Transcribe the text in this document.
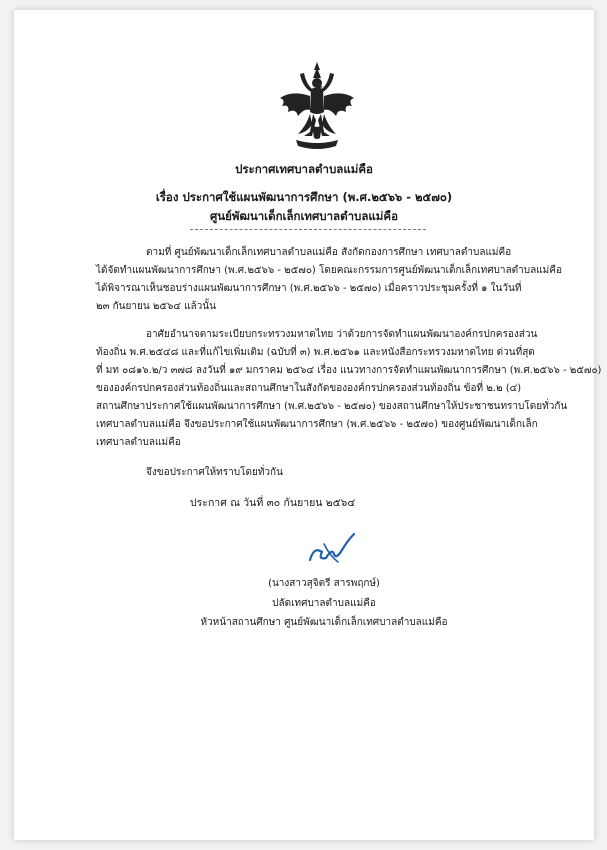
ประกาศเทศบาลตำบลแม่คือ
เรื่อง ประกาศใช้แผนพัฒนาการศึกษา (พ.ศ.๒๕๖๖ - ๒๕๗๐)
ศูนย์พัฒนาเด็กเล็กเทศบาลตำบลแม่คือ
ตามที่ ศูนย์พัฒนาเด็กเล็กเทศบาลตำบลแม่คือ สังกัดกองการศึกษา เทศบาลตำบลแม่คือ
ได้จัดทำแผนพัฒนาการศึกษา (พ.ศ.๒๕๖๖ - ๒๕๗๐) โดยคณะกรรมการศูนย์พัฒนาเด็กเล็กเทศบาลตำบลแม่คือ
ได้พิจารณาเห็นชอบร่างแผนพัฒนาการศึกษา (พ.ศ.๒๕๖๖ - ๒๕๗๐) เมื่อคราวประชุมครั้งที่ ๑ ในวันที่
๒๓ กันยายน ๒๕๖๔ แล้วนั้น
อาศัยอำนาจตามระเบียบกระทรวงมหาดไทย ว่าด้วยการจัดทำแผนพัฒนาองค์กรปกครองส่วน
ท้องถิ่น พ.ศ.๒๕๔๘ และที่แก้ไขเพิ่มเติม (ฉบับที่ ๓) พ.ศ.๒๕๖๑ และหนังสือกระทรวงมหาดไทย ด่วนที่สุด
ที่ มท ๐๘๑๖.๒/ว ๓๗๘ ลงวันที่ ๑๙ มกราคม ๒๕๖๔ เรื่อง แนวทางการจัดทำแผนพัฒนาการศึกษา (พ.ศ.๒๕๖๖ - ๒๕๗๐)
ขององค์กรปกครองส่วนท้องถิ่นและสถานศึกษาในสังกัดขององค์กรปกครองส่วนท้องถิ่น ข้อที่ ๒.๒ (๔)
สถานศึกษาประกาศใช้แผนพัฒนาการศึกษา (พ.ศ.๒๕๖๖ - ๒๕๗๐) ของสถานศึกษาให้ประชาชนทราบโดยทั่วกัน
เทศบาลตำบลแม่คือ จึงขอประกาศใช้แผนพัฒนาการศึกษา (พ.ศ.๒๕๖๖ - ๒๕๗๐) ของศูนย์พัฒนาเด็กเล็ก
เทศบาลตำบลแม่คือ
จึงขอประกาศให้ทราบโดยทั่วกัน
ประกาศ ณ วันที่ ๓๐ กันยายน ๒๕๖๔
(นางสาวสุจิตรี สารพฤกษ์)
ปลัดเทศบาลตำบลแม่คือ
หัวหน้าสถานศึกษา ศูนย์พัฒนาเด็กเล็กเทศบาลตำบลแม่คือ
